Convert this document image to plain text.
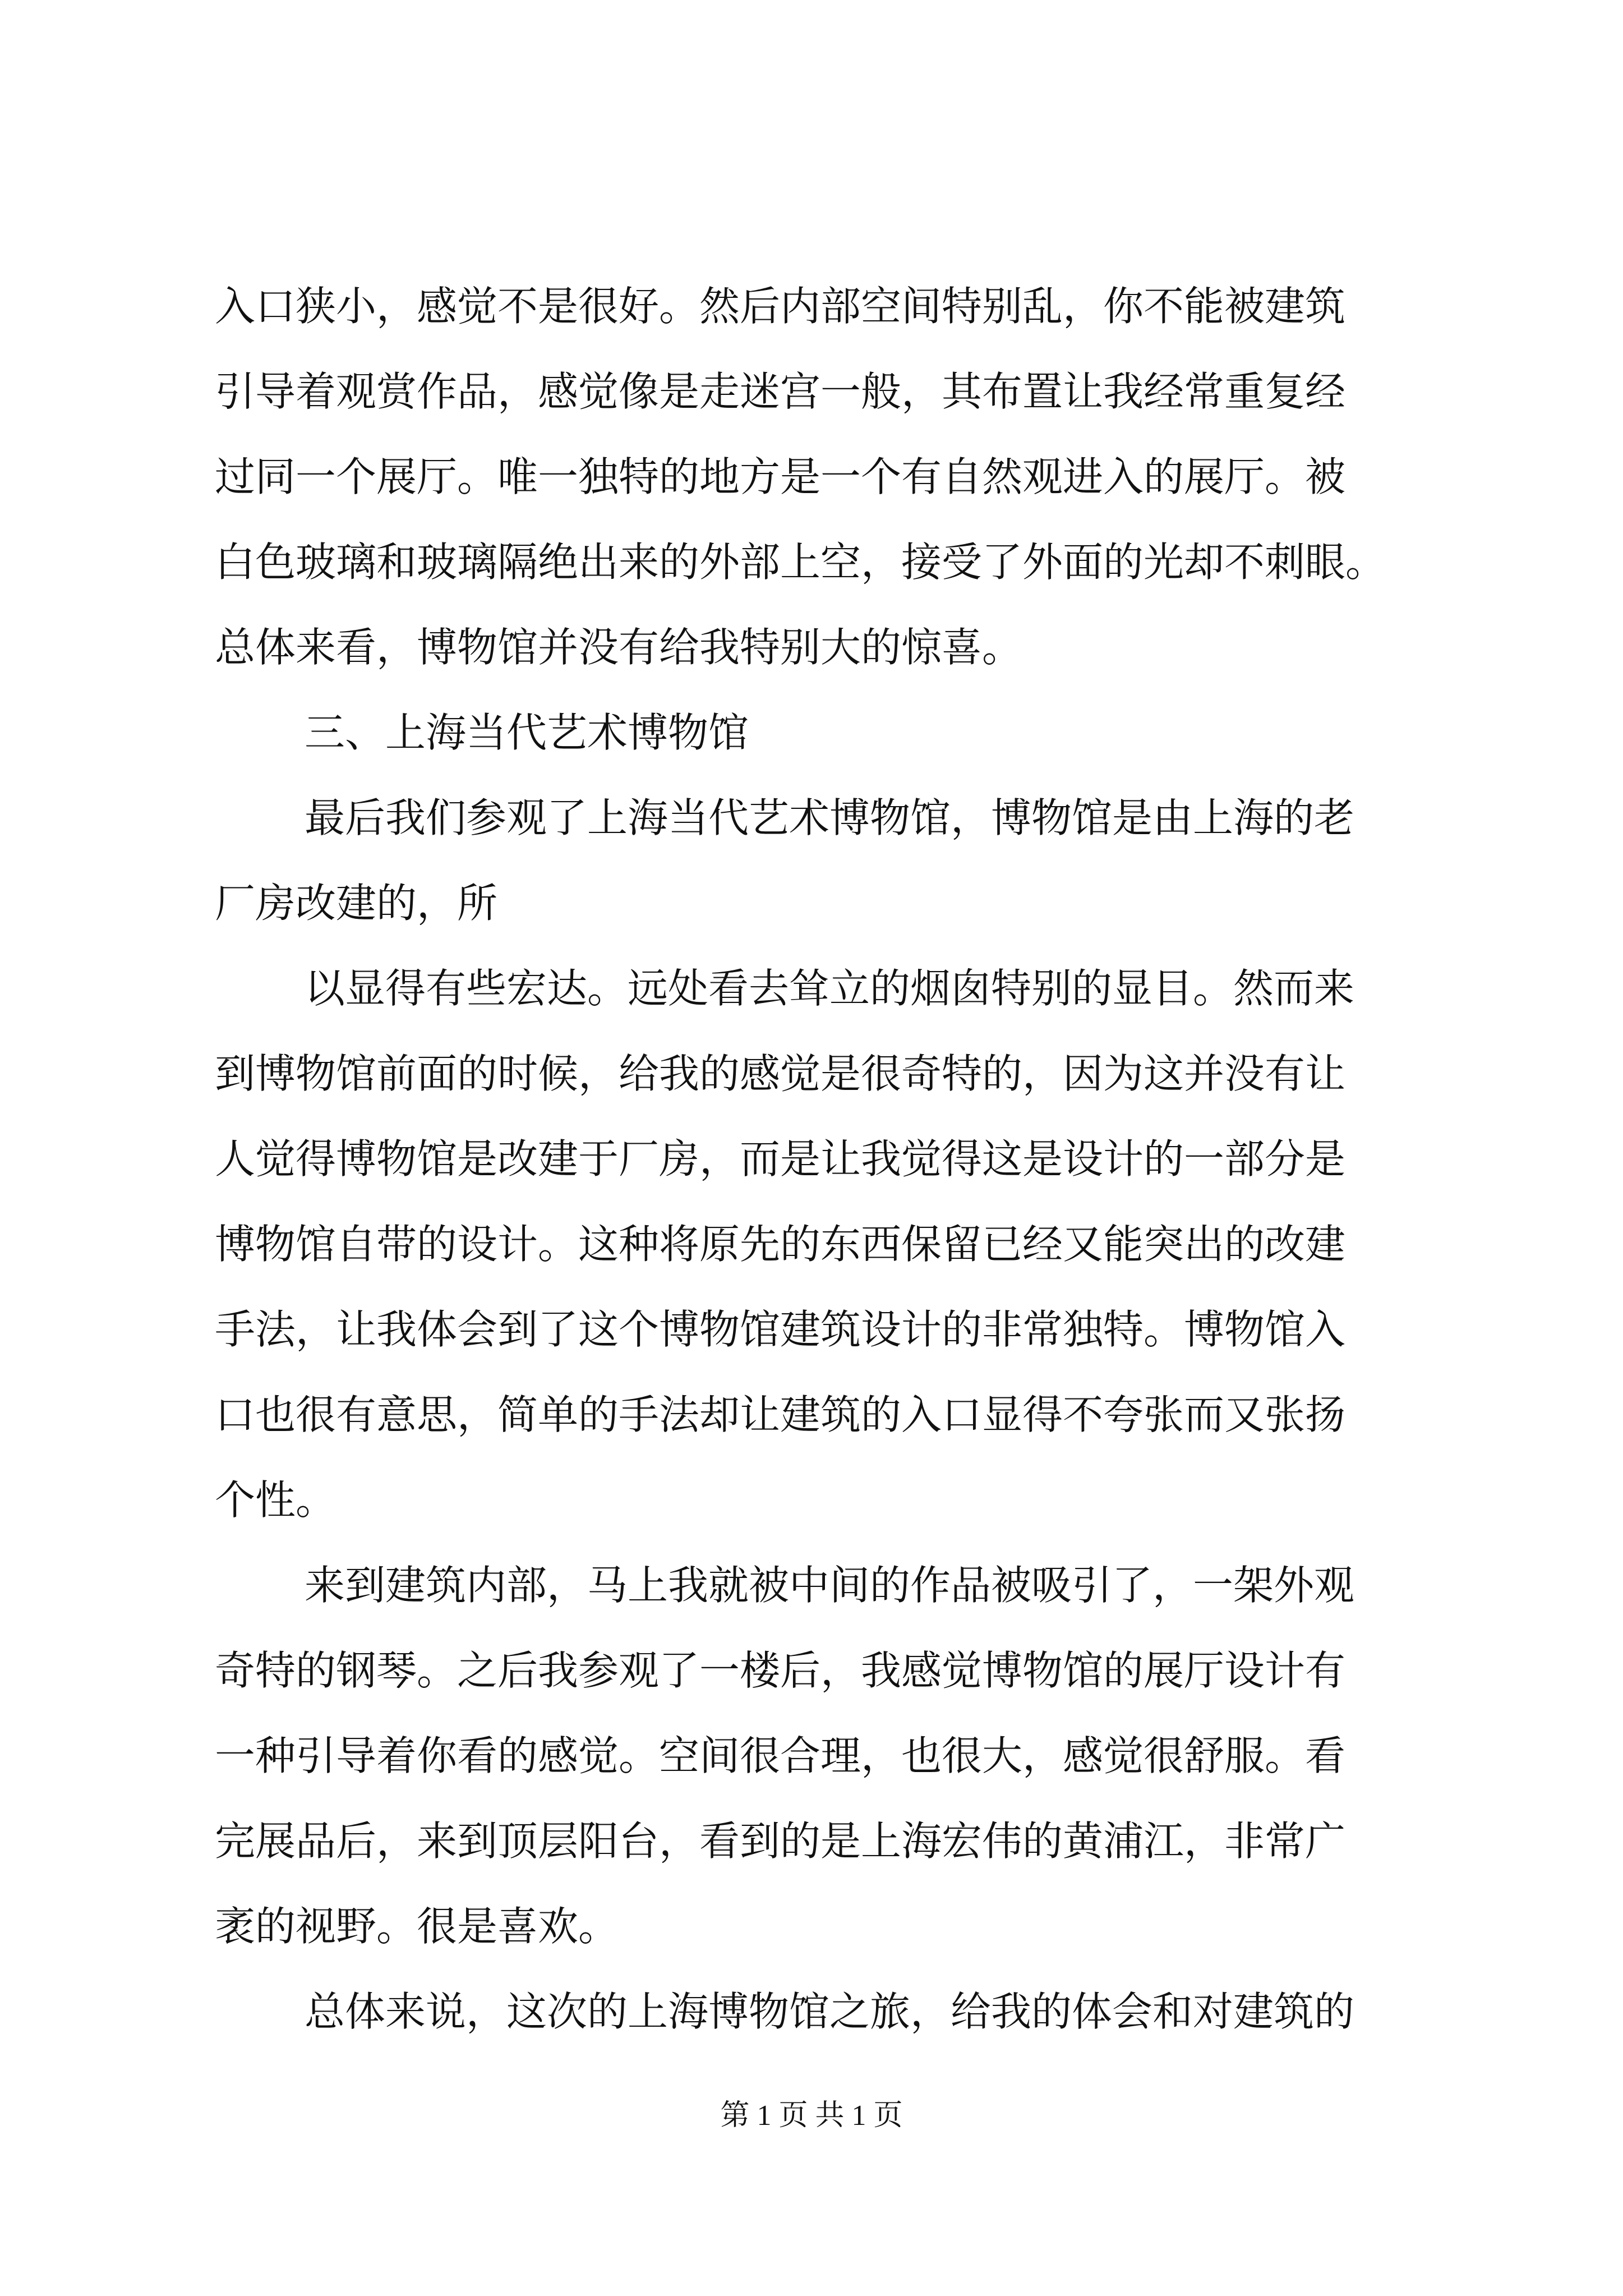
入口狭小，感觉不是很好。然后内部空间特别乱，你不能被建筑
引导着观赏作品，感觉像是走迷宫一般，其布置让我经常重复经
过同一个展厅。唯一独特的地方是一个有自然观进入的展厅。被
白色玻璃和玻璃隔绝出来的外部上空，接受了外面的光却不刺眼。
总体来看，博物馆并没有给我特别大的惊喜。
三、上海当代艺术博物馆
最后我们参观了上海当代艺术博物馆，博物馆是由上海的老
厂房改建的，所
以显得有些宏达。远处看去耸立的烟囱特别的显目。然而来
到博物馆前面的时候，给我的感觉是很奇特的，因为这并没有让
人觉得博物馆是改建于厂房，而是让我觉得这是设计的一部分是
博物馆自带的设计。这种将原先的东西保留已经又能突出的改建
手法，让我体会到了这个博物馆建筑设计的非常独特。博物馆入
口也很有意思，简单的手法却让建筑的入口显得不夸张而又张扬
个性。
来到建筑内部，马上我就被中间的作品被吸引了，一架外观
奇特的钢琴。之后我参观了一楼后，我感觉博物馆的展厅设计有
一种引导着你看的感觉。空间很合理，也很大，感觉很舒服。看
完展品后，来到顶层阳台，看到的是上海宏伟的黄浦江，非常广
袤的视野。很是喜欢。
总体来说，这次的上海博物馆之旅，给我的体会和对建筑的
第 1 页 共 1 页
